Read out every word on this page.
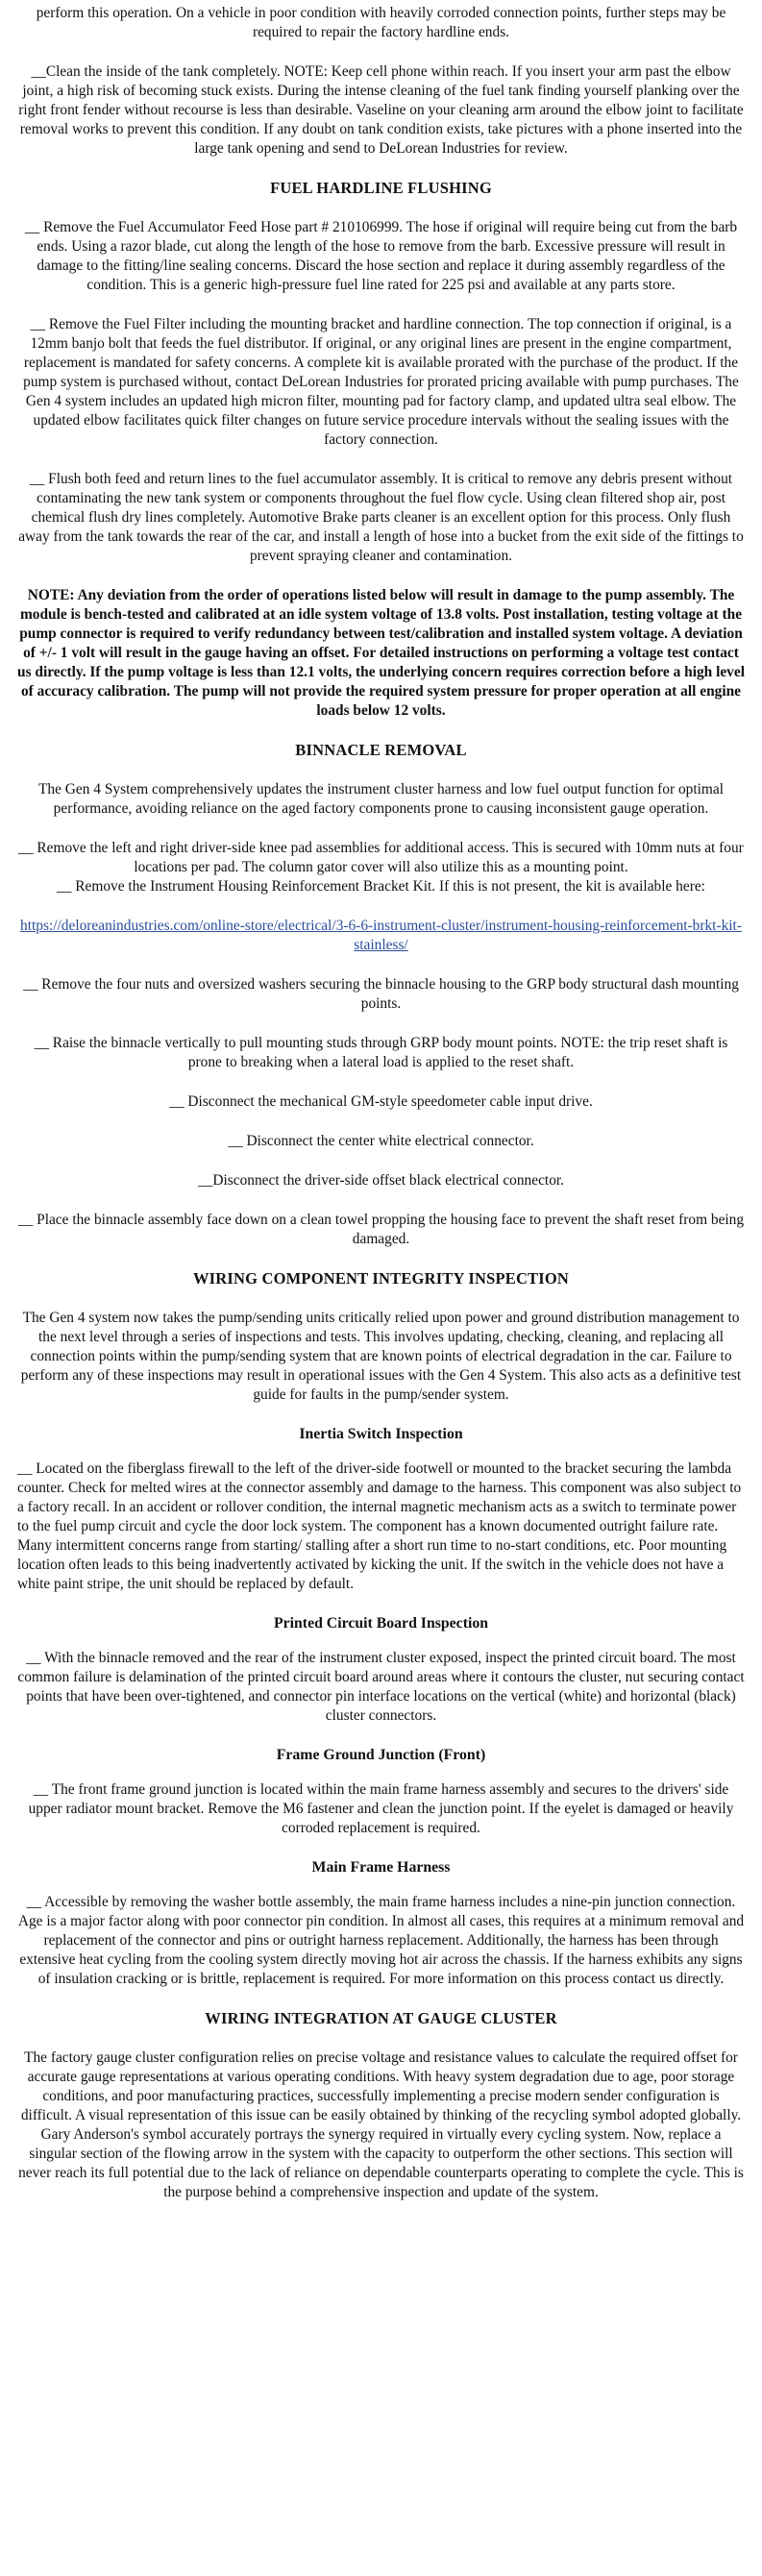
perform this operation. On a vehicle in poor condition with heavily corroded connection points, further steps may be required to repair the factory hardline ends.

__Clean the inside of the tank completely. NOTE: Keep cell phone within reach. If you insert your arm past the elbow joint, a high risk of becoming stuck exists. During the intense cleaning of the fuel tank finding yourself planking over the right front fender without recourse is less than desirable. Vaseline on your cleaning arm around the elbow joint to facilitate removal works to prevent this condition. If any doubt on tank condition exists, take pictures with a phone inserted into the large tank opening and send to DeLorean Industries for review.

FUEL HARDLINE FLUSHING

__ Remove the Fuel Accumulator Feed Hose part # 210106999. The hose if original will require being cut from the barb ends. Using a razor blade, cut along the length of the hose to remove from the barb. Excessive pressure will result in damage to the fitting/line sealing concerns. Discard the hose section and replace it during assembly regardless of the condition. This is a generic high-pressure fuel line rated for 225 psi and available at any parts store.

__ Remove the Fuel Filter including the mounting bracket and hardline connection. The top connection if original, is a 12mm banjo bolt that feeds the fuel distributor. If original, or any original lines are present in the engine compartment, replacement is mandated for safety concerns. A complete kit is available prorated with the purchase of the product. If the pump system is purchased without, contact DeLorean Industries for prorated pricing available with pump purchases. The Gen 4 system includes an updated high micron filter, mounting pad for factory clamp, and updated ultra seal elbow. The updated elbow facilitates quick filter changes on future service procedure intervals without the sealing issues with the factory connection.

__ Flush both feed and return lines to the fuel accumulator assembly. It is critical to remove any debris present without contaminating the new tank system or components throughout the fuel flow cycle. Using clean filtered shop air, post chemical flush dry lines completely. Automotive Brake parts cleaner is an excellent option for this process. Only flush away from the tank towards the rear of the car, and install a length of hose into a bucket from the exit side of the fittings to prevent spraying cleaner and contamination.

NOTE: Any deviation from the order of operations listed below will result in damage to the pump assembly. The module is bench-tested and calibrated at an idle system voltage of 13.8 volts. Post installation, testing voltage at the pump connector is required to verify redundancy between test/calibration and installed system voltage. A deviation of +/- 1 volt will result in the gauge having an offset. For detailed instructions on performing a voltage test contact us directly. If the pump voltage is less than 12.1 volts, the underlying concern requires correction before a high level of accuracy calibration. The pump will not provide the required system pressure for proper operation at all engine loads below 12 volts.

BINNACLE REMOVAL

The Gen 4 System comprehensively updates the instrument cluster harness and low fuel output function for optimal performance, avoiding reliance on the aged factory components prone to causing inconsistent gauge operation.

__ Remove the left and right driver-side knee pad assemblies for additional access. This is secured with 10mm nuts at four locations per pad. The column gator cover will also utilize this as a mounting point.

__ Remove the Instrument Housing Reinforcement Bracket Kit. If this is not present, the kit is available here:

https://deloreanindustries.com/online-store/electrical/3-6-6-instrument-cluster/instrument-housing-reinforcement-brkt-kit-stainless/

__ Remove the four nuts and oversized washers securing the binnacle housing to the GRP body structural dash mounting points.

__ Raise the binnacle vertically to pull mounting studs through GRP body mount points. NOTE: the trip reset shaft is prone to breaking when a lateral load is applied to the reset shaft.

__ Disconnect the mechanical GM-style speedometer cable input drive.

__ Disconnect the center white electrical connector.

__Disconnect the driver-side offset black electrical connector.

__ Place the binnacle assembly face down on a clean towel propping the housing face to prevent the shaft reset from being damaged.

WIRING COMPONENT INTEGRITY INSPECTION

The Gen 4 system now takes the pump/sending units critically relied upon power and ground distribution management to the next level through a series of inspections and tests. This involves updating, checking, cleaning, and replacing all connection points within the pump/sending system that are known points of electrical degradation in the car. Failure to perform any of these inspections may result in operational issues with the Gen 4 System. This also acts as a definitive test guide for faults in the pump/sender system.

Inertia Switch Inspection

__ Located on the fiberglass firewall to the left of the driver-side footwell or mounted to the bracket securing the lambda counter. Check for melted wires at the connector assembly and damage to the harness. This component was also subject to a factory recall. In an accident or rollover condition, the internal magnetic mechanism acts as a switch to terminate power to the fuel pump circuit and cycle the door lock system. The component has a known documented outright failure rate. Many intermittent concerns range from starting/ stalling after a short run time to no-start conditions, etc. Poor mounting location often leads to this being inadvertently activated by kicking the unit. If the switch in the vehicle does not have a white paint stripe, the unit should be replaced by default.

Printed Circuit Board Inspection

__ With the binnacle removed and the rear of the instrument cluster exposed, inspect the printed circuit board. The most common failure is delamination of the printed circuit board around areas where it contours the cluster, nut securing contact points that have been over-tightened, and connector pin interface locations on the vertical (white) and horizontal (black) cluster connectors.

Frame Ground Junction (Front)

__ The front frame ground junction is located within the main frame harness assembly and secures to the drivers' side upper radiator mount bracket. Remove the M6 fastener and clean the junction point. If the eyelet is damaged or heavily corroded replacement is required.

Main Frame Harness

__ Accessible by removing the washer bottle assembly, the main frame harness includes a nine-pin junction connection. Age is a major factor along with poor connector pin condition. In almost all cases, this requires at a minimum removal and replacement of the connector and pins or outright harness replacement. Additionally, the harness has been through extensive heat cycling from the cooling system directly moving hot air across the chassis. If the harness exhibits any signs of insulation cracking or is brittle, replacement is required. For more information on this process contact us directly.

WIRING INTEGRATION AT GAUGE CLUSTER

The factory gauge cluster configuration relies on precise voltage and resistance values to calculate the required offset for accurate gauge representations at various operating conditions. With heavy system degradation due to age, poor storage conditions, and poor manufacturing practices, successfully implementing a precise modern sender configuration is difficult. A visual representation of this issue can be easily obtained by thinking of the recycling symbol adopted globally. Gary Anderson's symbol accurately portrays the synergy required in virtually every cycling system. Now, replace a singular section of the flowing arrow in the system with the capacity to outperform the other sections. This section will never reach its full potential due to the lack of reliance on dependable counterparts operating to complete the cycle. This is the purpose behind a comprehensive inspection and update of the system.
